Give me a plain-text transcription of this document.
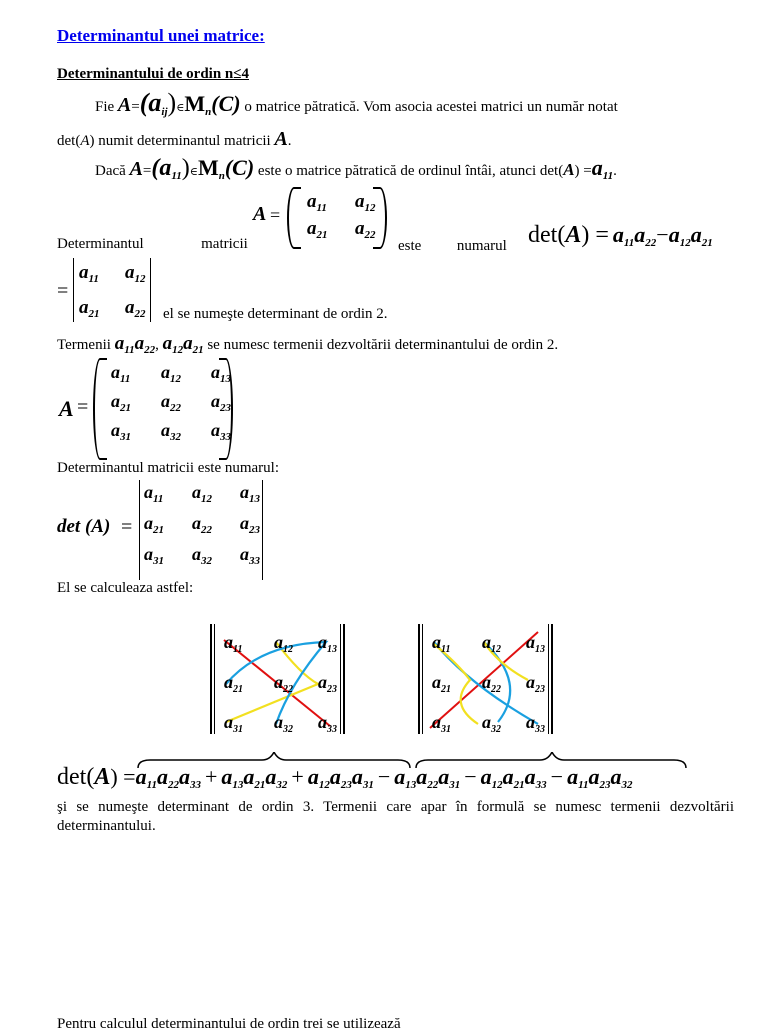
Determinantul unei matrice:
Determinantului de ordin n≤4
Fie $A=(a_{ij})\in M_n(C)$ o matrice pătratică. Vom asocia acestei matrici un număr notat
det(A) numit determinantul matricii A.
Dacă $A=(a_{11})\in M_n(C)$ este o matrice pătratică de ordinul întâi, atunci $\det(A) =a_{11}$.
A =
$a_{11}$	$a_{12}$
$a_{21}$	$a_{22}$
Determinantul	matricii	este numarul $\det(A) = a_{11}a_{22}-a_{12}a_{21}$
=
$a_{11}$	$a_{12}$
$a_{21}$	$a_{22}$	el se numeşte determinant de ordin 2.
Termenii $a_{11}a_{22}$, $a_{12}a_{21}$ se numesc termenii dezvoltării determinantului de ordin 2.
A =
$a_{11}$	$a_{12}$	$a_{13}$
$a_{21}$	$a_{22}$	$a_{23}$
$a_{31}$	$a_{32}$	$a_{33}$
Determinantul matricii este numarul:
det (A) =
$a_{11}$	$a_{12}$	$a_{13}$
$a_{21}$	$a_{22}$	$a_{23}$
$a_{31}$	$a_{32}$	$a_{33}$
El se calculeaza astfel:
$a_{11}$ $a_{12}$ $a_{13}$
$a_{21}$ $a_{22}$ $a_{23}$
$a_{31}$ $a_{32}$ $a_{33}$
$a_{11}$ $a_{12}$ $a_{13}$
$a_{21}$ $a_{22}$ $a_{23}$
$a_{31}$ $a_{32}$ $a_{33}$
$\det(A) =a_{11}a_{22}a_{33} + a_{13}a_{21}a_{32} + a_{12}a_{23}a_{31} - a_{13}a_{22}a_{31} - a_{12}a_{21}a_{33} - a_{11}a_{23}a_{32}$
şi se numeşte determinant de ordin 3. Termenii care apar în formulă se numesc termenii dezvoltării determinantului.
Pentru calculul determinantului de ordin trei se utilizează
